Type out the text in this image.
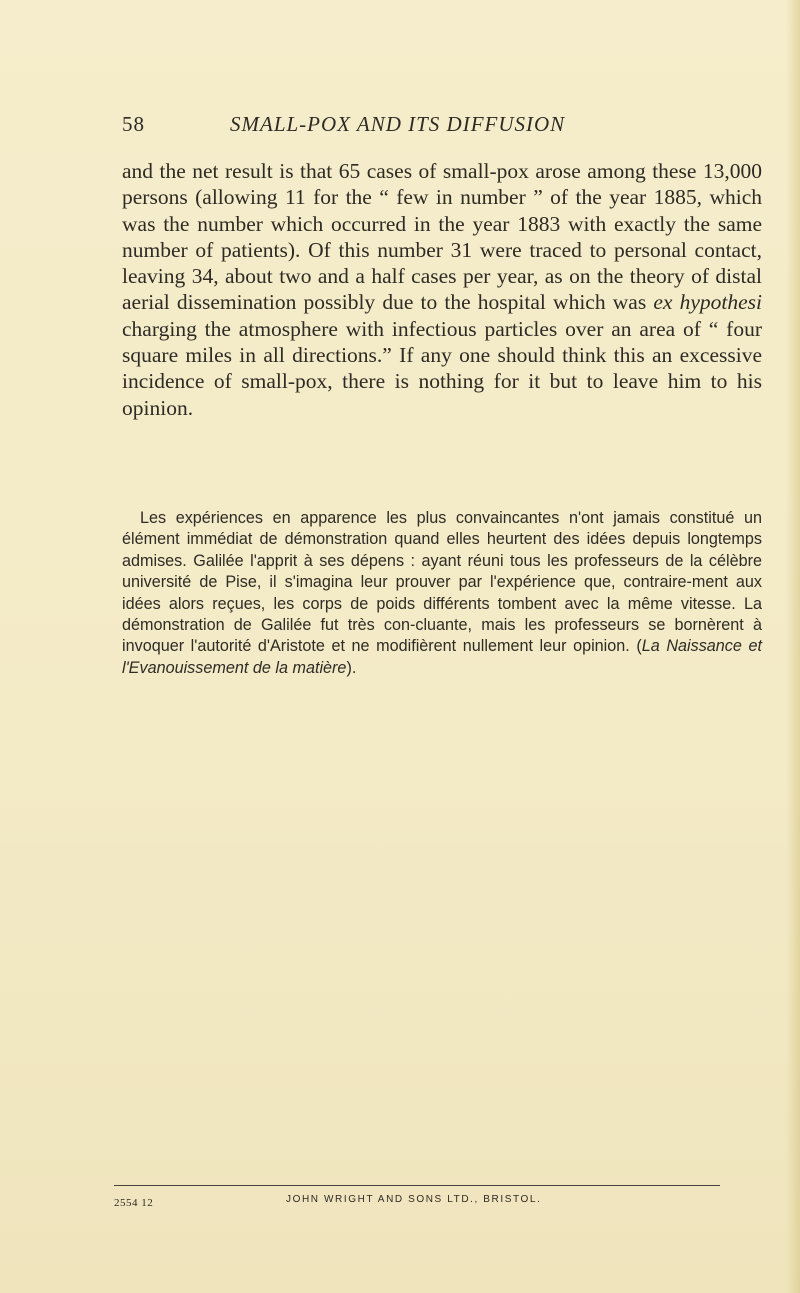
58	SMALL-POX AND ITS DIFFUSION

and the net result is that 65 cases of small-pox arose among these 13,000 persons (allowing 11 for the “ few in number ” of the year 1885, which was the number which occurred in the year 1883 with exactly the same number of patients). Of this number 31 were traced to personal contact, leaving 34, about two and a half cases per year, as on the theory of distal aerial dissemination possibly due to the hospital which was ex hypothesi charging the atmosphere with infectious particles over an area of “ four square miles in all directions.” If any one should think this an excessive incidence of small-pox, there is nothing for it but to leave him to his opinion.

Les expériences en apparence les plus convaincantes n'ont jamais constitué un élément immédiat de démonstration quand elles heurtent des idées depuis longtemps admises. Galilée l'apprit à ses dépens : ayant réuni tous les professeurs de la célèbre université de Pise, il s'imagina leur prouver par l'expérience que, contraire-ment aux idées alors reçues, les corps de poids différents tombent avec la même vitesse. La démonstration de Galilée fut très con-cluante, mais les professeurs se bornèrent à invoquer l'autorité d'Aristote et ne modifièrent nullement leur opinion. (La Naissance et l'Evanouissement de la matière).

2554 12	JOHN WRIGHT AND SONS LTD., BRISTOL.
